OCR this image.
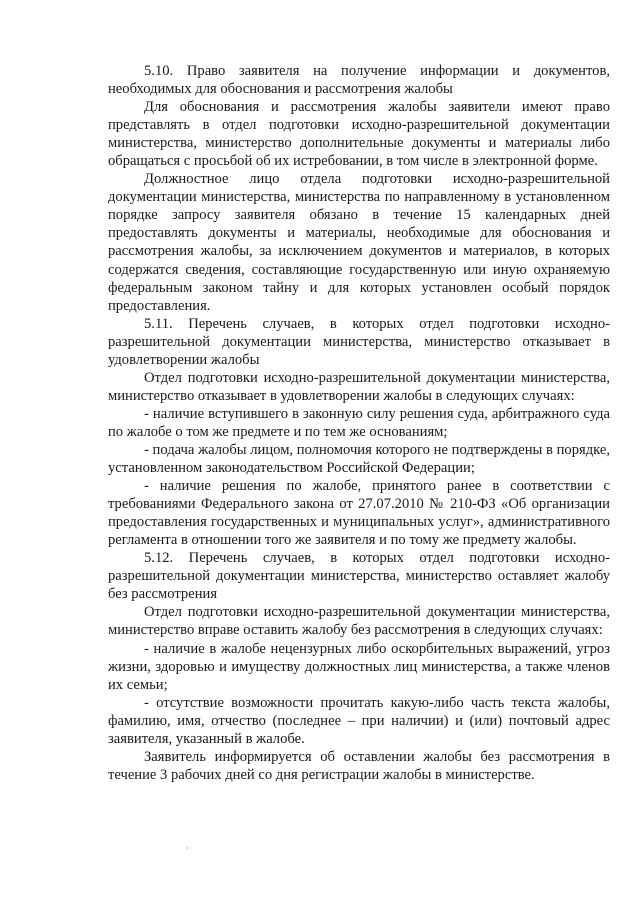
5.10. Право заявителя на получение информации и документов, необходимых для обоснования и рассмотрения жалобы

Для обоснования и рассмотрения жалобы заявители имеют право представлять в отдел подготовки исходно-разрешительной документации министерства, министерство дополнительные документы и материалы либо обращаться с просьбой об их истребовании, в том числе в электронной форме.

Должностное лицо отдела подготовки исходно-разрешительной документации министерства, министерства по направленному в установленном порядке запросу заявителя обязано в течение 15 календарных дней предоставлять документы и материалы, необходимые для обоснования и рассмотрения жалобы, за исключением документов и материалов, в которых содержатся сведения, составляющие государственную или иную охраняемую федеральным законом тайну и для которых установлен особый порядок предоставления.

5.11. Перечень случаев, в которых отдел подготовки исходно-разрешительной документации министерства, министерство отказывает в удовлетворении жалобы

Отдел подготовки исходно-разрешительной документации министерства, министерство отказывает в удовлетворении жалобы в следующих случаях:

- наличие вступившего в законную силу решения суда, арбитражного суда по жалобе о том же предмете и по тем же основаниям;

- подача жалобы лицом, полномочия которого не подтверждены в порядке, установленном законодательством Российской Федерации;

- наличие решения по жалобе, принятого ранее в соответствии с требованиями Федерального закона от 27.07.2010 № 210-ФЗ «Об организации предоставления государственных и муниципальных услуг», административного регламента в отношении того же заявителя и по тому же предмету жалобы.

5.12. Перечень случаев, в которых отдел подготовки исходно-разрешительной документации министерства, министерство оставляет жалобу без рассмотрения

Отдел подготовки исходно-разрешительной документации министерства, министерство вправе оставить жалобу без рассмотрения в следующих случаях:

- наличие в жалобе нецензурных либо оскорбительных выражений, угроз жизни, здоровью и имуществу должностных лиц министерства, а также членов их семьи;

- отсутствие возможности прочитать какую-либо часть текста жалобы, фамилию, имя, отчество (последнее – при наличии) и (или) почтовый адрес заявителя, указанный в жалобе.

Заявитель информируется об оставлении жалобы без рассмотрения в течение 3 рабочих дней со дня регистрации жалобы в министерстве.
